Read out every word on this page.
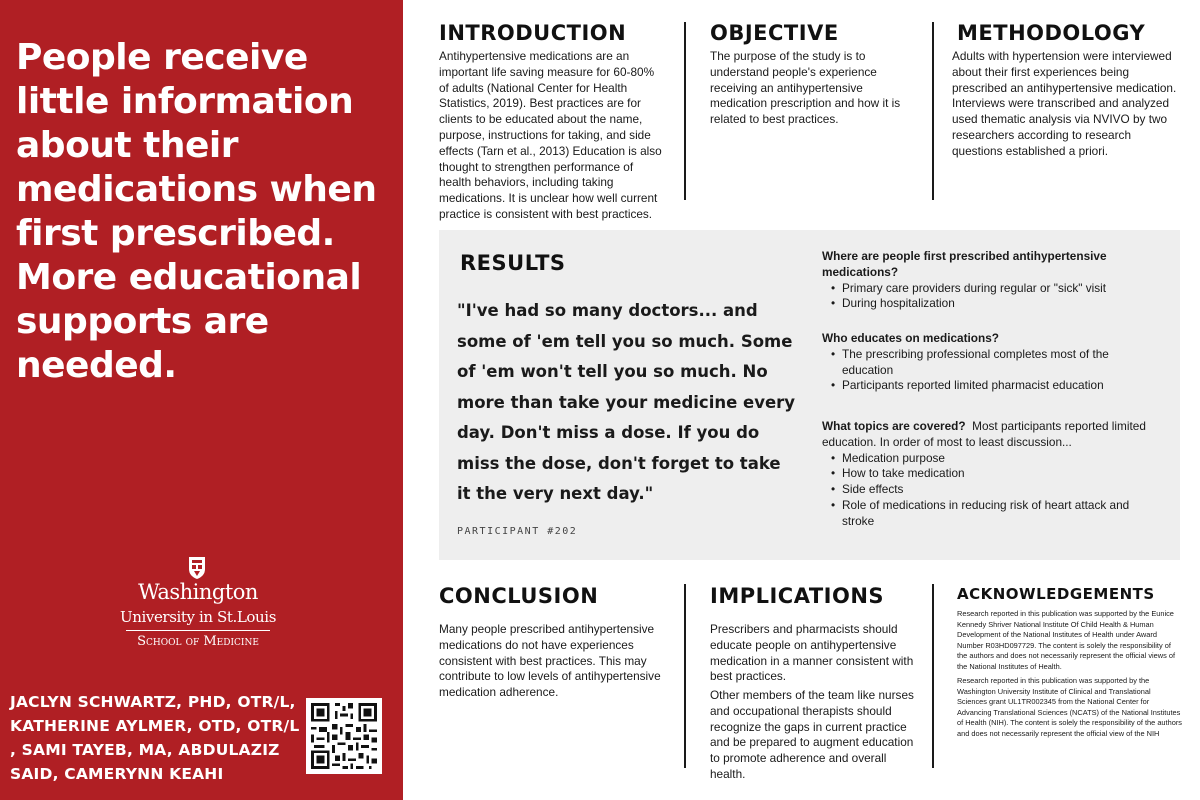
People receive little information about their medications when first prescribed. More educational supports are needed.
Washington
University in St.Louis
School of Medicine

JACLYN SCHWARTZ, PHD, OTR/L, KATHERINE AYLMER, OTD, OTR/L , SAMI TAYEB, MA, ABDULAZIZ SAID, CAMERYNN KEAHI

INTRODUCTION

Antihypertensive medications are an important life saving measure for 60-80% of adults (National Center for Health Statistics, 2019). Best practices are for clients to be educated about the name, purpose, instructions for taking, and side effects (Tarn et al., 2013) Education is also thought to strengthen performance of health behaviors, including taking medications. It is unclear how well current practice is consistent with best practices.

OBJECTIVE

The purpose of the study is to understand people's experience receiving an antihypertensive medication prescription and how it is related to best practices.

METHODOLOGY

Adults with hypertension were interviewed about their first experiences being prescribed an antihypertensive medication. Interviews were transcribed and analyzed used thematic analysis via NVIVO by two researchers according to research questions established a priori.

RESULTS

"I've had so many doctors... and some of 'em tell you so much. Some of 'em won't tell you so much. No more than take your medicine every day. Don't miss a dose. If you do miss the dose, don't forget to take it the very next day."

PARTICIPANT #202

Where are people first prescribed antihypertensive medications?

• Primary care providers during regular or "sick" visit
• During hospitalization

Who educates on medications?

• The prescribing professional completes most of the education
• Participants reported limited pharmacist education

What topics are covered?  Most participants reported limited education. In order of most to least discussion...

• Medication purpose
• How to take medication
• Side effects
• Role of medications in reducing risk of heart attack and stroke
CONCLUSION

Many people prescribed antihypertensive medications do not have experiences consistent with best practices. This may contribute to low levels of antihypertensive medication adherence.

IMPLICATIONS

Prescribers and pharmacists should educate people on antihypertensive medication in a manner consistent with best practices.

Other members of the team like nurses and occupational therapists should recognize the gaps in current practice and be prepared to augment education to promote adherence and overall health.

ACKNOWLEDGEMENTS

Research reported in this publication was supported by the Eunice Kennedy Shriver National Institute Of Child Health & Human Development of the National Institutes of Health under Award Number R03HD097729. The content is solely the responsibility of the authors and does not necessarily represent the official views of the National Institutes of Health.

Research reported in this publication was supported by the Washington University Institute of Clinical and Translational Sciences grant UL1TR002345 from the National Center for Advancing Translational Sciences (NCATS) of the National Institutes of Health (NIH). The content is solely the responsibility of the authors and does not necessarily represent the official view of the NIH
